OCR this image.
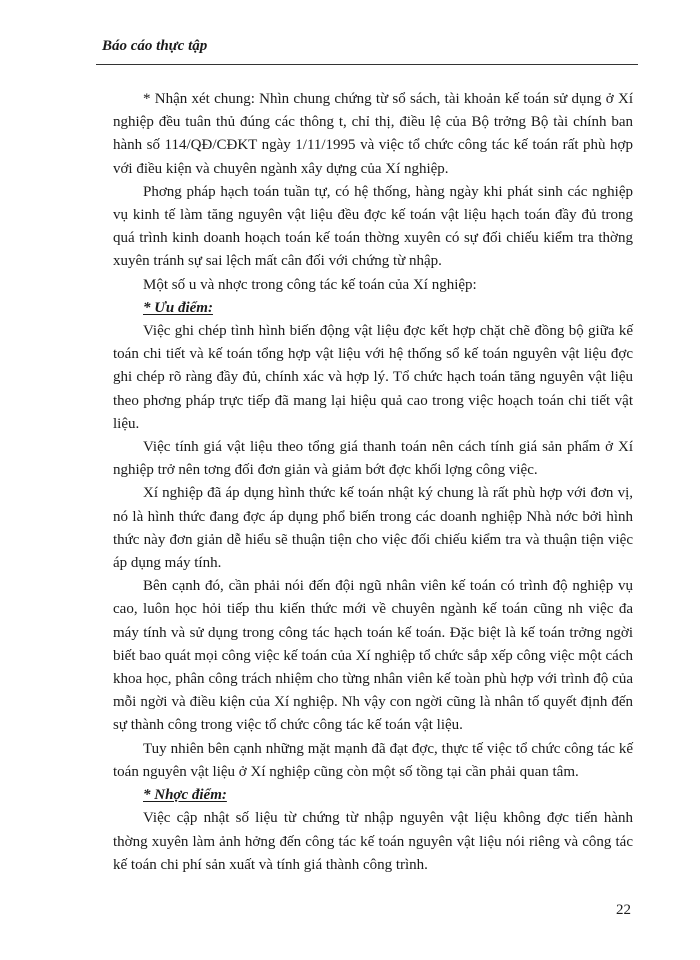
Báo cáo thực tập

* Nhận xét chung: Nhìn chung chứng từ sổ sách, tài khoản kế toán sử dụng ở Xí nghiệp đều tuân thủ đúng các thông t, chỉ thị, điều lệ của Bộ trởng Bộ tài chính ban hành số 114/QĐ/CĐKT ngày 1/11/1995 và việc tổ chức công tác kế toán rất phù hợp với điều kiện và chuyên ngành xây dựng của Xí nghiệp.

Phơng pháp hạch toán tuần tự, có hệ thống, hàng ngày khi phát sinh các nghiệp vụ kinh tế làm tăng nguyên vật liệu đều đợc kế toán vật liệu hạch toán đầy đủ trong quá trình kinh doanh hoạch toán kế toán thờng xuyên có sự đối chiếu kiểm tra thờng xuyên tránh sự sai lệch mất cân đối với chứng từ nhập.

Một số u và nhợc trong công tác kế toán của Xí nghiệp:

* Ưu điểm:

Việc ghi chép tình hình biến động vật liệu đợc kết hợp chặt chẽ đồng bộ giữa kế toán chi tiết và kế toán tổng hợp vật liệu với hệ thống sổ kế toán nguyên vật liệu đợc ghi chép rõ ràng đầy đủ, chính xác và hợp lý. Tổ chức hạch toán tăng nguyên vật liệu theo phơng pháp trực tiếp đã mang lại hiệu quả cao trong việc hoạch toán chi tiết vật liệu.

Việc tính giá vật liệu theo tổng giá thanh toán nên cách tính giá sản phẩm ở Xí nghiệp trở nên tơng đối đơn giản và giảm bớt đợc khối lợng công việc.

Xí nghiệp đã áp dụng hình thức kế toán nhật ký chung là rất phù hợp với đơn vị, nó là hình thức đang đợc áp dụng phổ biến trong các doanh nghiệp Nhà nớc bởi hình thức này đơn giản dễ hiểu sẽ thuận tiện cho việc đối chiếu kiểm tra và thuận tiện việc áp dụng máy tính.

Bên cạnh đó, cần phải nói đến đội ngũ nhân viên kế toán có trình độ nghiệp vụ cao, luôn học hỏi tiếp thu kiến thức mới về chuyên ngành kế toán cũng nh việc đa máy tính và sử dụng trong công tác hạch toán kế toán. Đặc biệt là kế toán trởng ngời biết bao quát mọi công việc kế toán của Xí nghiệp tổ chức sắp xếp công việc một cách khoa học, phân công trách nhiệm cho từng nhân viên kế toàn phù hợp với trình độ của mỗi ngời và điều kiện của Xí nghiệp. Nh vậy con ngời cũng là nhân tố quyết định đến sự thành công trong việc tổ chức công tác kế toán vật liệu.

Tuy nhiên bên cạnh những mặt mạnh đã đạt đợc, thực tế việc tổ chức công tác kế toán nguyên vật liệu ở Xí nghiệp cũng còn một số tồng tại cần phải quan tâm.

* Nhợc điểm:

Việc cập nhật số liệu từ chứng từ nhập nguyên vật liệu không đợc tiến hành thờng xuyên làm ảnh hởng đến công tác kế toán nguyên vật liệu nói riêng và công tác kế toán chi phí sản xuất và tính giá thành công trình.

22
